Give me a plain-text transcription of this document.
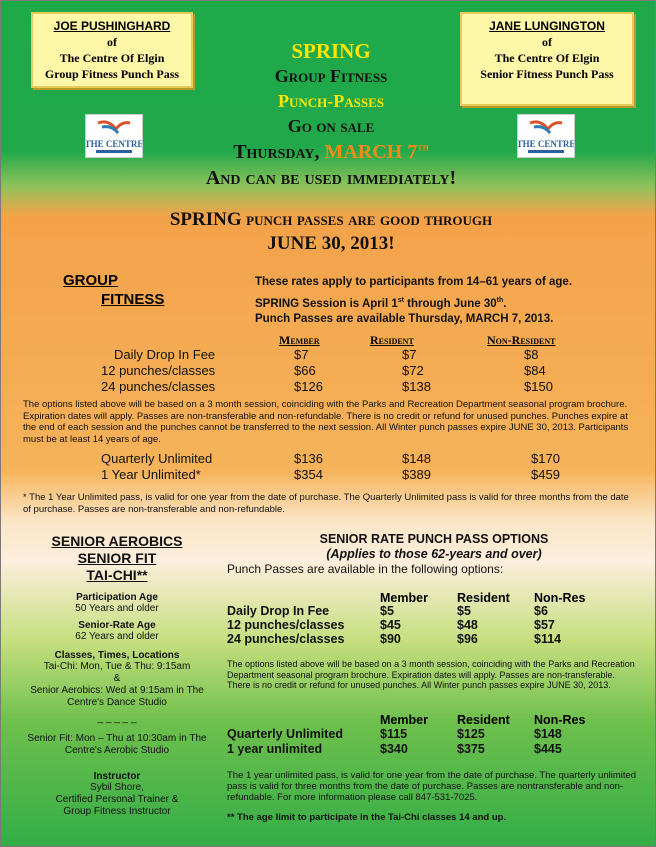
JOE PUSHINGHARD
of
The Centre Of Elgin
Group Fitness Punch Pass
JANE LUNGINGTON
of
The Centre Of Elgin
Senior Fitness Punch Pass
THE CENTRE	THE CENTRE
SPRING
Group Fitness
Punch-Passes
Go on sale
Thursday, MARCH 7th
And can be used immediately!
SPRING punch passes are good through
JUNE 30, 2013!
GROUP
FITNESS
These rates apply to participants from 14–61 years of age.
SPRING Session is April 1st through June 30th.
Punch Passes are available Thursday, MARCH 7, 2013.
Member	Resident	Non-Resident
Daily Drop In Fee	$7	$7	$8
12 punches/classes	$66	$72	$84
24 punches/classes	$126	$138	$150
The options listed above will be based on a 3 month session, coinciding with the Parks and Recreation Department seasonal program brochure. Expiration dates will apply. Passes are non-transferable and non-refundable. There is no credit or refund for unused punches. Punches expire at the end of each session and the punches cannot be transferred to the next session. All Winter punch passes expire JUNE 30, 2013. Participants must be at least 14 years of age.
Quarterly Unlimited	$136	$148	$170
1 Year Unlimited*	$354	$389	$459
* The 1 Year Unlimited pass, is valid for one year from the date of purchase. The Quarterly Unlimited pass is valid for three months from the date of purchase. Passes are non-transferable and non-refundable.
SENIOR AEROBICS
SENIOR FIT
TAI-CHI**
Participation Age
50 Years and older
Senior-Rate Age
62 Years and older
Classes, Times, Locations
Tai-Chi: Mon, Tue & Thu: 9:15am
&
Senior Aerobics: Wed at 9:15am in The Centre's Dance Studio
_ _ _ _ _
Senior Fit: Mon – Thu at 10:30am in The Centre's Aerobic Studio
Instructor
Sybil Shore,
Certified Personal Trainer &
Group Fitness Instructor
SENIOR RATE PUNCH PASS OPTIONS
(Applies to those 62-years and over)
Punch Passes are available in the following options:
Member Resident Non-Res
Daily Drop In Fee	$5	$5	$6
12 punches/classes	$45	$48	$57
24 punches/classes	$90	$96	$114
The options listed above will be based on a 3 month session, coinciding with the Parks and Recreation Department seasonal program brochure. Expiration dates will apply. Passes are non-transferable. There is no credit or refund for unused punches. All Winter punch passes expire JUNE 30, 2013.
Member Resident Non-Res
Quarterly Unlimited	$115	$125	$148
1 year unlimited	$340	$375	$445
The 1 year unlimited pass, is valid for one year from the date of purchase. The quarterly unlimited pass is valid for three months from the date of purchase. Passes are nontransferable and non-refundable. For more information please call 847-531-7025.
** The age limit to participate in the Tai-Chi classes 14 and up.
